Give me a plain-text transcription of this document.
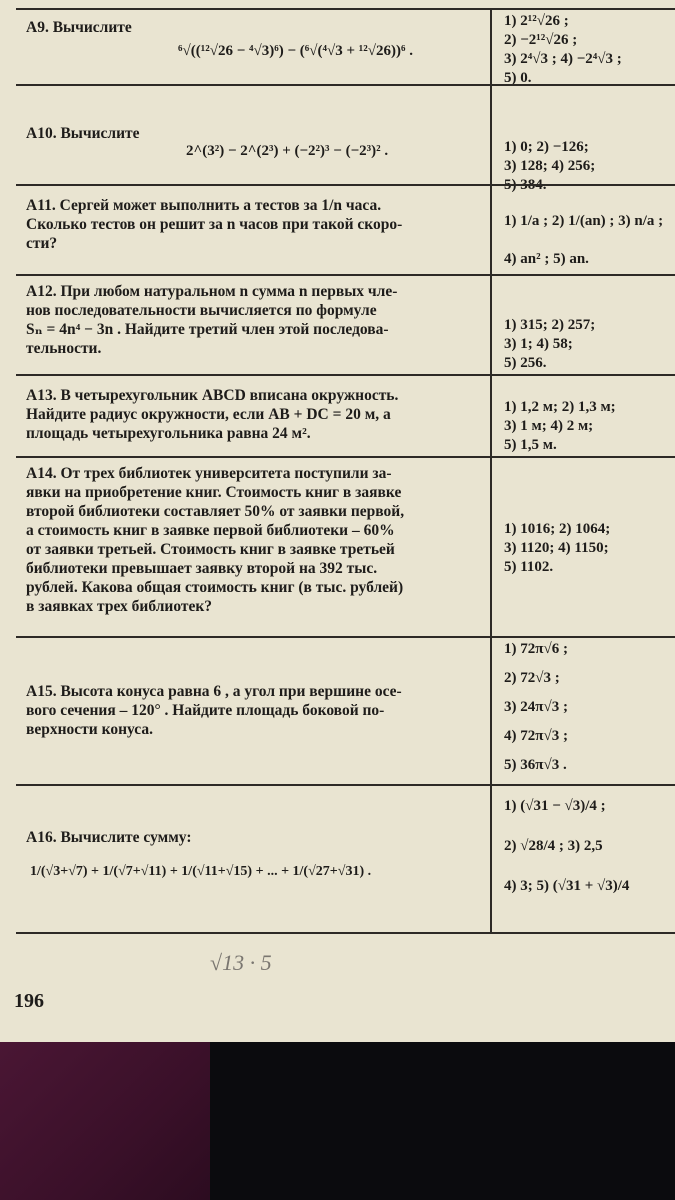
А9. Вычислите
⁶√((¹²√26 − ⁴√3)⁶) − (⁶√(⁴√3 + ¹²√26))⁶ .
1) 2¹²√26 ;
2) −2¹²√26 ;
3) 2⁴√3 ; 4) −2⁴√3 ;
5) 0.
А10. Вычислите
2^(3²) − 2^(2³) + (−2²)³ − (−2³)² .	1) 0; 2) −126;
3) 128; 4) 256;
5) 384.
А11. Сергей может выполнить a тестов за 1/n часа.
Сколько тестов он решит за n часов при такой скоро-
сти?
1) 1/a ; 2) 1/(an) ; 3) n/a ;

4) an² ; 5) an.
А12. При любом натуральном n сумма n первых чле-
нов последовательности вычисляется по формуле
Sₙ = 4n⁴ − 3n . Найдите третий член этой последова-
тельности.
1) 315; 2) 257;
3) 1; 4) 58;
5) 256.
А13. В четырехугольник ABCD вписана окружность.
Найдите радиус окружности, если AB + DC = 20 м, а
площадь четырехугольника равна 24 м².
1) 1,2 м; 2) 1,3 м;
3) 1 м; 4) 2 м;
5) 1,5 м.
А14. От трех библиотек университета поступили за-
явки на приобретение книг. Стоимость книг в заявке
второй библиотеки составляет 50% от заявки первой,
а стоимость книг в заявке первой библиотеки – 60%
от заявки третьей. Стоимость книг в заявке третьей
библиотеки превышает заявку второй на 392 тыс.
рублей. Какова общая стоимость книг (в тыс. рублей)
в заявках трех библиотек?
1) 1016; 2) 1064;
3) 1120; 4) 1150;
5) 1102.
А15. Высота конуса равна 6 , а угол при вершине осе-
вого сечения – 120° . Найдите площадь боковой по-
верхности конуса.
1) 72π√6 ;

2) 72√3 ;

3) 24π√3 ;

4) 72π√3 ;

5) 36π√3 .
А16. Вычислите сумму:
1/(√3+√7) + 1/(√7+√11) + 1/(√11+√15) + ... + 1/(√27+√31) .
1) (√31 − √3)/4 ;

2) √28/4 ; 3) 2,5

4) 3; 5) (√31 + √3)/4
√13 · 5
196
